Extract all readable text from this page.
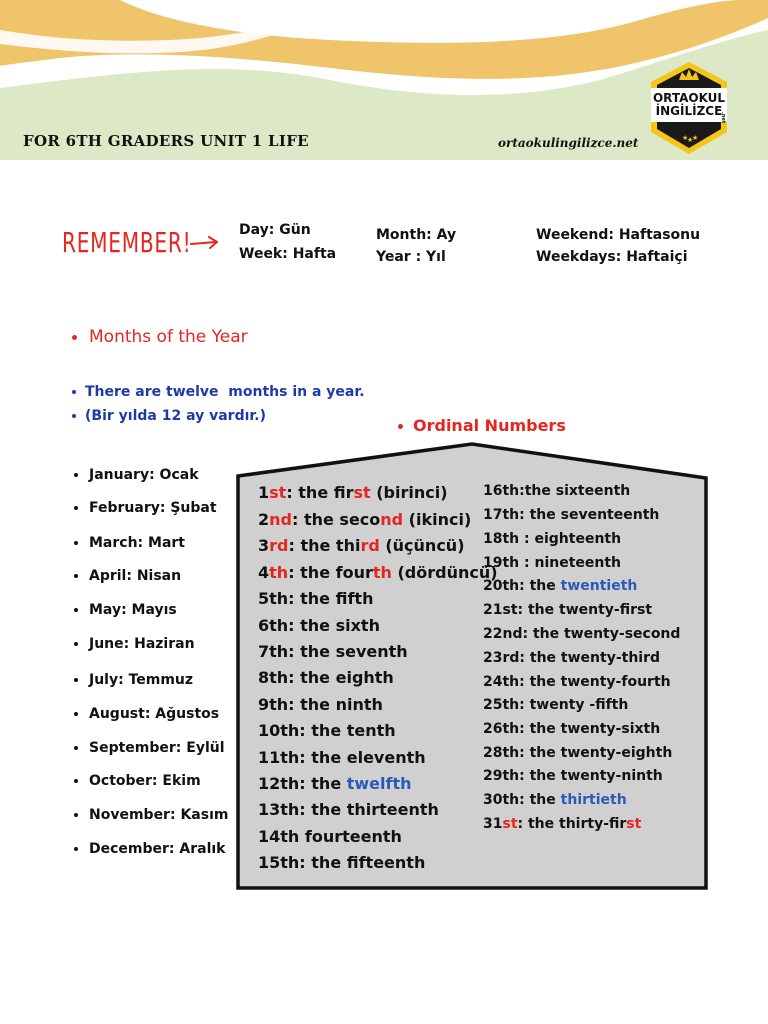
FOR 6TH GRADERS UNIT 1 LIFE	ortaokulingilizce.net	★
★
★
ORTAOKUL
İNGİLİZCE
.net
REMEMBER!	Day: Gün
Week: Hafta
Month: Ay
Year : Yıl
Weekend: Haftasonu
Weekdays: Haftaiçi
Months of the Year
There are twelve  months in a year.
(Bir yılda 12 ay vardır.)
January: Ocak
February: Şubat
March: Mart
April: Nisan
May: Mayıs
June: Haziran
July: Temmuz
August: Ağustos
September: Eylül
October: Ekim
November: Kasım
December: Aralık
Ordinal Numbers
1st: the first (birinci)
2nd: the second (ikinci)
3rd: the third (üçüncü)
4th: the fourth (dördüncü)
5th: the fifth
6th: the sixth
7th: the seventh
8th: the eighth
9th: the ninth
10th: the tenth
11th: the eleventh
12th: the twelfth
13th: the thirteenth
14th fourteenth
15th: the fifteenth
16th:the sixteenth
17th: the seventeenth
18th : eighteenth
19th : nineteenth
20th: the twentieth
21st: the twenty-first
22nd: the twenty-second
23rd: the twenty-third
24th: the twenty-fourth
25th: twenty -fifth
26th: the twenty-sixth
28th: the twenty-eighth
29th: the twenty-ninth
30th: the thirtieth
31st: the thirty-first
